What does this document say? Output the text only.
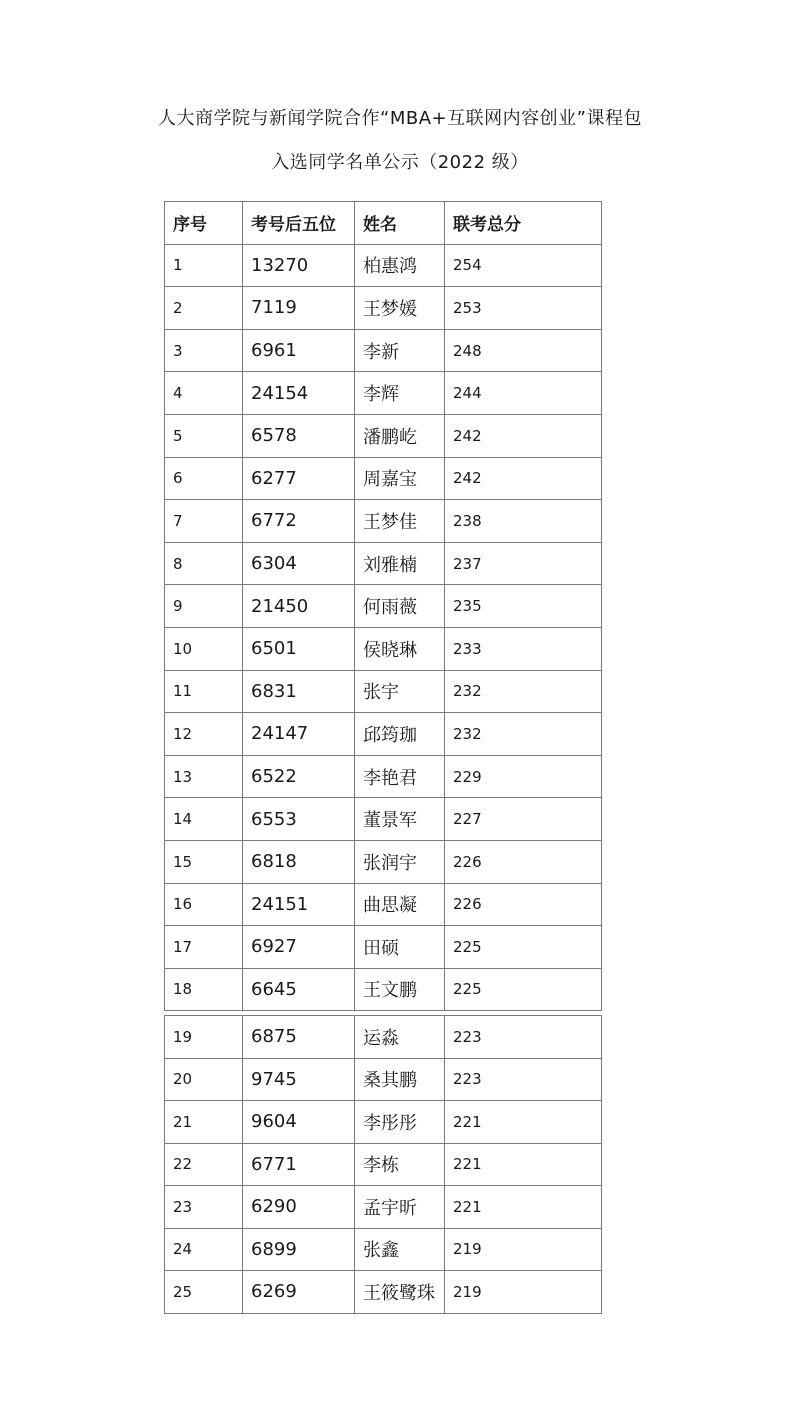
人大商学院与新闻学院合作“MBA+互联网内容创业”课程包
入选同学名单公示（2022 级）
序号	考号后五位	姓名	联考总分
1	13270	柏惠鸿	254
2	7119	王梦媛	253
3	6961	李新	248
4	24154	李辉	244
5	6578	潘鹏屹	242
6	6277	周嘉宝	242
7	6772	王梦佳	238
8	6304	刘雅楠	237
9	21450	何雨薇	235
10	6501	侯晓琳	233
11	6831	张宇	232
12	24147	邱筠珈	232
13	6522	李艳君	229
14	6553	董景军	227
15	6818	张润宇	226
16	24151	曲思凝	226
17	6927	田硕	225
18	6645	王文鹏	225
19	6875	运淼	223
20	9745	桑其鹏	223
21	9604	李彤彤	221
22	6771	李栋	221
23	6290	孟宇昕	221
24	6899	张鑫	219
25	6269	王筱鹭珠	219
